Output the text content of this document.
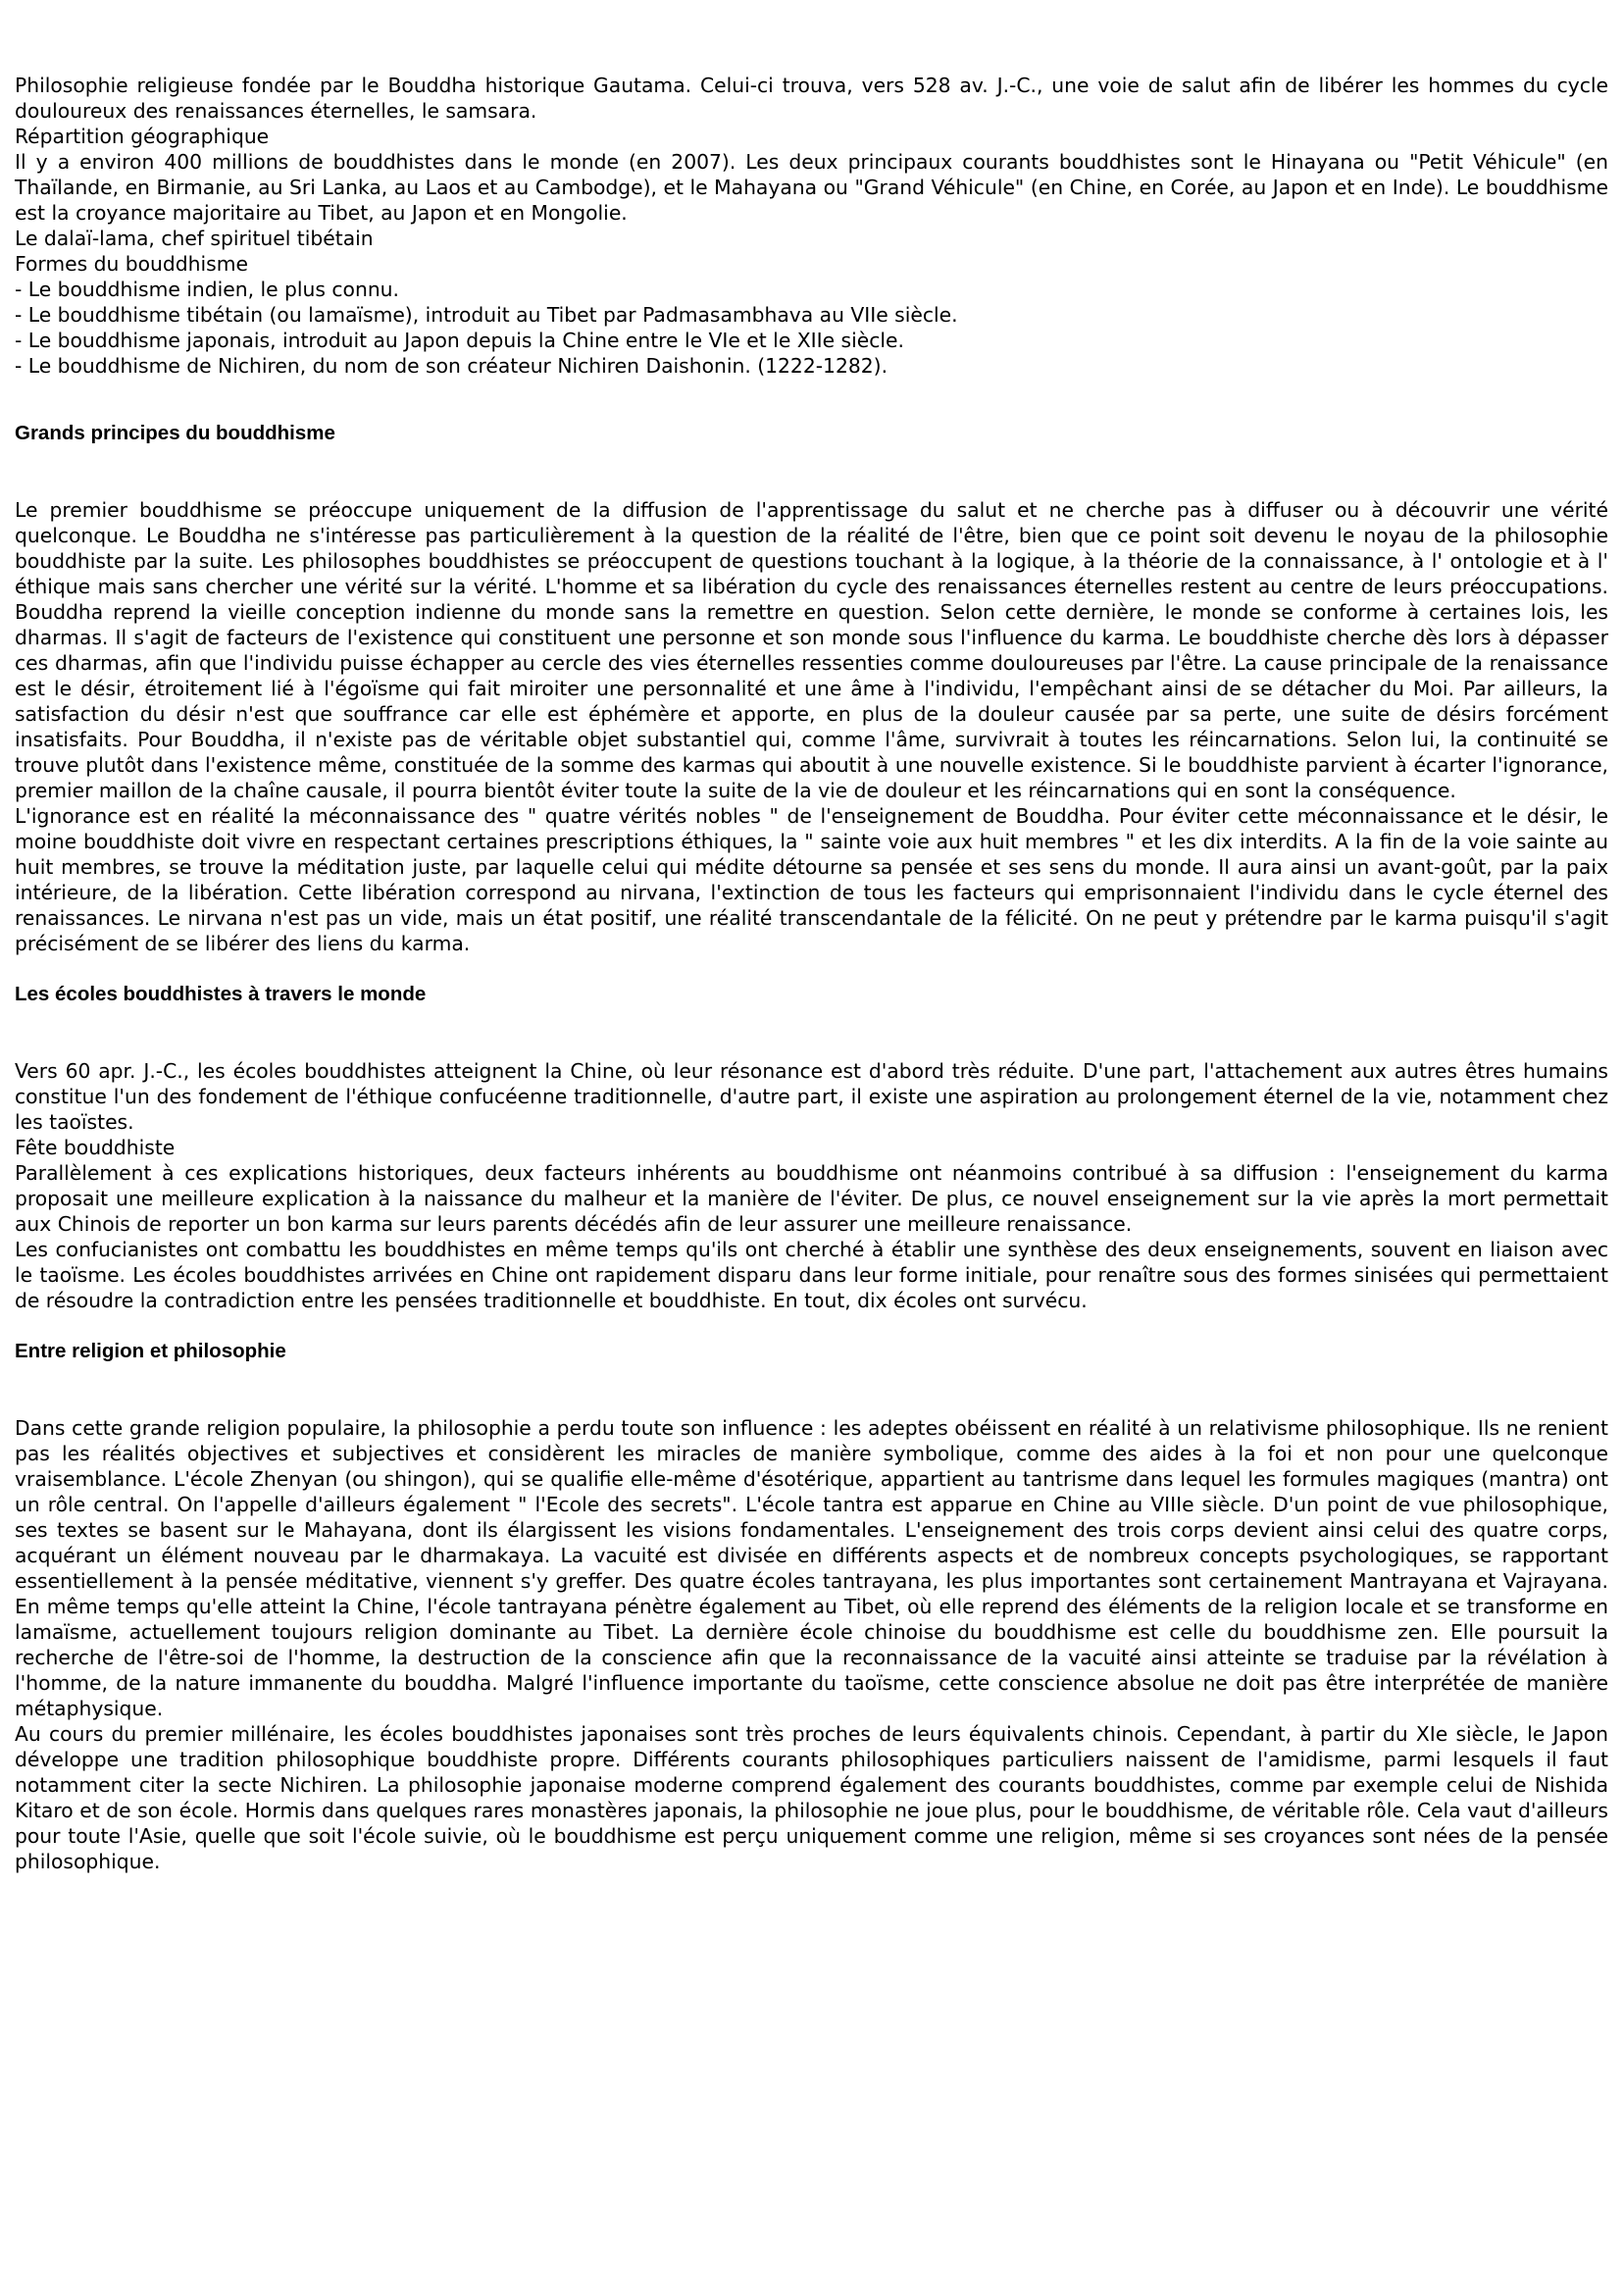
Philosophie religieuse fondée par le Bouddha historique Gautama. Celui-ci trouva, vers 528 av. J.-C., une voie de salut afin de libérer les hommes du cycle douloureux des renaissances éternelles, le samsara.

Répartition géographique

Il y a environ 400 millions de bouddhistes dans le monde (en 2007). Les deux principaux courants bouddhistes sont le Hinayana ou "Petit Véhicule" (en Thaïlande, en Birmanie, au Sri Lanka, au Laos et au Cambodge), et le Mahayana ou "Grand Véhicule" (en Chine, en Corée, au Japon et en Inde). Le bouddhisme est la croyance majoritaire au Tibet, au Japon et en Mongolie.

Le dalaï-lama, chef spirituel tibétain

Formes du bouddhisme

- Le bouddhisme indien, le plus connu.

- Le bouddhisme tibétain (ou lamaïsme), introduit au Tibet par Padmasambhava au VIIe siècle.

- Le bouddhisme japonais, introduit au Japon depuis la Chine entre le VIe et le XIIe siècle.

- Le bouddhisme de Nichiren, du nom de son créateur Nichiren Daishonin. (1222-1282).

Grands principes du bouddhisme

Le premier bouddhisme se préoccupe uniquement de la diffusion de l'apprentissage du salut et ne cherche pas à diffuser ou à découvrir une vérité quelconque. Le Bouddha ne s'intéresse pas particulièrement à la question de la réalité de l'être, bien que ce point soit devenu le noyau de la philosophie bouddhiste par la suite. Les philosophes bouddhistes se préoccupent de questions touchant à la logique, à la théorie de la connaissance, à l' ontologie et à l' éthique mais sans chercher une vérité sur la vérité. L'homme et sa libération du cycle des renaissances éternelles restent au centre de leurs préoccupations. Bouddha reprend la vieille conception indienne du monde sans la remettre en question. Selon cette dernière, le monde se conforme à certaines lois, les dharmas. Il s'agit de facteurs de l'existence qui constituent une personne et son monde sous l'influence du karma. Le bouddhiste cherche dès lors à dépasser ces dharmas, afin que l'individu puisse échapper au cercle des vies éternelles ressenties comme douloureuses par l'être. La cause principale de la renaissance est le désir, étroitement lié à l'égoïsme qui fait miroiter une personnalité et une âme à l'individu, l'empêchant ainsi de se détacher du Moi. Par ailleurs, la satisfaction du désir n'est que souffrance car elle est éphémère et apporte, en plus de la douleur causée par sa perte, une suite de désirs forcément insatisfaits. Pour Bouddha, il n'existe pas de véritable objet substantiel qui, comme l'âme, survivrait à toutes les réincarnations. Selon lui, la continuité se trouve plutôt dans l'existence même, constituée de la somme des karmas qui aboutit à une nouvelle existence. Si le bouddhiste parvient à écarter l'ignorance, premier maillon de la chaîne causale, il pourra bientôt éviter toute la suite de la vie de douleur et les réincarnations qui en sont la conséquence.

L'ignorance est en réalité la méconnaissance des " quatre vérités nobles " de l'enseignement de Bouddha. Pour éviter cette méconnaissance et le désir, le moine bouddhiste doit vivre en respectant certaines prescriptions éthiques, la " sainte voie aux huit membres " et les dix interdits. A la fin de la voie sainte au huit membres, se trouve la méditation juste, par laquelle celui qui médite détourne sa pensée et ses sens du monde. Il aura ainsi un avant-goût, par la paix intérieure, de la libération. Cette libération correspond au nirvana, l'extinction de tous les facteurs qui emprisonnaient l'individu dans le cycle éternel des renaissances. Le nirvana n'est pas un vide, mais un état positif, une réalité transcendantale de la félicité. On ne peut y prétendre par le karma puisqu'il s'agit précisément de se libérer des liens du karma.

Les écoles bouddhistes à travers le monde

Vers 60 apr. J.-C., les écoles bouddhistes atteignent la Chine, où leur résonance est d'abord très réduite. D'une part, l'attachement aux autres êtres humains constitue l'un des fondement de l'éthique confucéenne traditionnelle, d'autre part, il existe une aspiration au prolongement éternel de la vie, notamment chez les taoïstes.

Fête bouddhiste

Parallèlement à ces explications historiques, deux facteurs inhérents au bouddhisme ont néanmoins contribué à sa diffusion : l'enseignement du karma proposait une meilleure explication à la naissance du malheur et la manière de l'éviter. De plus, ce nouvel enseignement sur la vie après la mort permettait aux Chinois de reporter un bon karma sur leurs parents décédés afin de leur assurer une meilleure renaissance.

Les confucianistes ont combattu les bouddhistes en même temps qu'ils ont cherché à établir une synthèse des deux enseignements, souvent en liaison avec le taoïsme. Les écoles bouddhistes arrivées en Chine ont rapidement disparu dans leur forme initiale, pour renaître sous des formes sinisées qui permettaient de résoudre la contradiction entre les pensées traditionnelle et bouddhiste. En tout, dix écoles ont survécu.

Entre religion et philosophie

Dans cette grande religion populaire, la philosophie a perdu toute son influence : les adeptes obéissent en réalité à un relativisme philosophique. Ils ne renient pas les réalités objectives et subjectives et considèrent les miracles de manière symbolique, comme des aides à la foi et non pour une quelconque vraisemblance. L'école Zhenyan (ou shingon), qui se qualifie elle-même d'ésotérique, appartient au tantrisme dans lequel les formules magiques (mantra) ont un rôle central. On l'appelle d'ailleurs également " l'Ecole des secrets". L'école tantra est apparue en Chine au VIIIe siècle. D'un point de vue philosophique, ses textes se basent sur le Mahayana, dont ils élargissent les visions fondamentales. L'enseignement des trois corps devient ainsi celui des quatre corps, acquérant un élément nouveau par le dharmakaya. La vacuité est divisée en différents aspects et de nombreux concepts psychologiques, se rapportant essentiellement à la pensée méditative, viennent s'y greffer. Des quatre écoles tantrayana, les plus importantes sont certainement Mantrayana et Vajrayana. En même temps qu'elle atteint la Chine, l'école tantrayana pénètre également au Tibet, où elle reprend des éléments de la religion locale et se transforme en lamaïsme, actuellement toujours religion dominante au Tibet. La dernière école chinoise du bouddhisme est celle du bouddhisme zen. Elle poursuit la recherche de l'être-soi de l'homme, la destruction de la conscience afin que la reconnaissance de la vacuité ainsi atteinte se traduise par la révélation à l'homme, de la nature immanente du bouddha. Malgré l'influence importante du taoïsme, cette conscience absolue ne doit pas être interprétée de manière métaphysique.

Au cours du premier millénaire, les écoles bouddhistes japonaises sont très proches de leurs équivalents chinois. Cependant, à partir du XIe siècle, le Japon développe une tradition philosophique bouddhiste propre. Différents courants philosophiques particuliers naissent de l'amidisme, parmi lesquels il faut notamment citer la secte Nichiren. La philosophie japonaise moderne comprend également des courants bouddhistes, comme par exemple celui de Nishida Kitaro et de son école. Hormis dans quelques rares monastères japonais, la philosophie ne joue plus, pour le bouddhisme, de véritable rôle. Cela vaut d'ailleurs pour toute l'Asie, quelle que soit l'école suivie, où le bouddhisme est perçu uniquement comme une religion, même si ses croyances sont nées de la pensée philosophique.
